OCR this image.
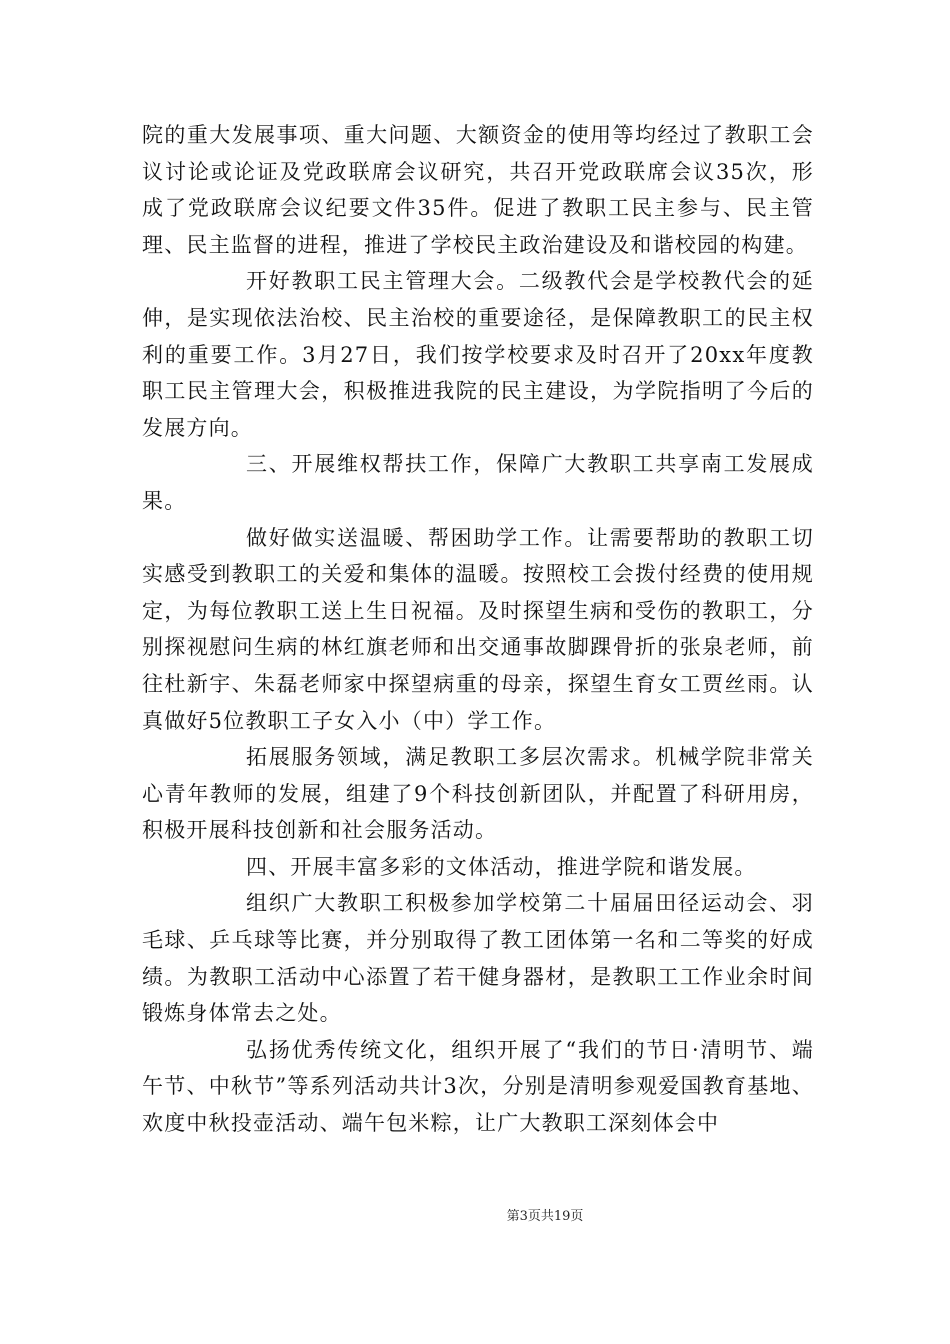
院的重大发展事项、重大问题、大额资金的使用等均经过了教职工会议讨论或论证及党政联席会议研究，共召开党政联席会议35次，形成了党政联席会议纪要文件35件。促进了教职工民主参与、民主管理、民主监督的进程，推进了学校民主政治建设及和谐校园的构建。

开好教职工民主管理大会。二级教代会是学校教代会的延伸，是实现依法治校、民主治校的重要途径，是保障教职工的民主权利的重要工作。3月27日，我们按学校要求及时召开了20xx年度教职工民主管理大会，积极推进我院的民主建设，为学院指明了今后的发展方向。

三、开展维权帮扶工作，保障广大教职工共享南工发展成果。

做好做实送温暖、帮困助学工作。让需要帮助的教职工切实感受到教职工的关爱和集体的温暖。按照校工会拨付经费的使用规定，为每位教职工送上生日祝福。及时探望生病和受伤的教职工，分别探视慰问生病的林红旗老师和出交通事故脚踝骨折的张泉老师，前往杜新宇、朱磊老师家中探望病重的母亲，探望生育女工贾丝雨。认真做好5位教职工子女入小（中）学工作。

拓展服务领域，满足教职工多层次需求。机械学院非常关心青年教师的发展，组建了9个科技创新团队，并配置了科研用房，积极开展科技创新和社会服务活动。

四、开展丰富多彩的文体活动，推进学院和谐发展。

组织广大教职工积极参加学校第二十届届田径运动会、羽毛球、乒乓球等比赛，并分别取得了教工团体第一名和二等奖的好成绩。为教职工活动中心添置了若干健身器材，是教职工工作业余时间锻炼身体常去之处。

弘扬优秀传统文化，组织开展了“我们的节日·清明节、端午节、中秋节”等系列活动共计3次，分别是清明参观爱国教育基地、欢度中秋投壶活动、端午包米粽，让广大教职工深刻体会中

第3页共19页
